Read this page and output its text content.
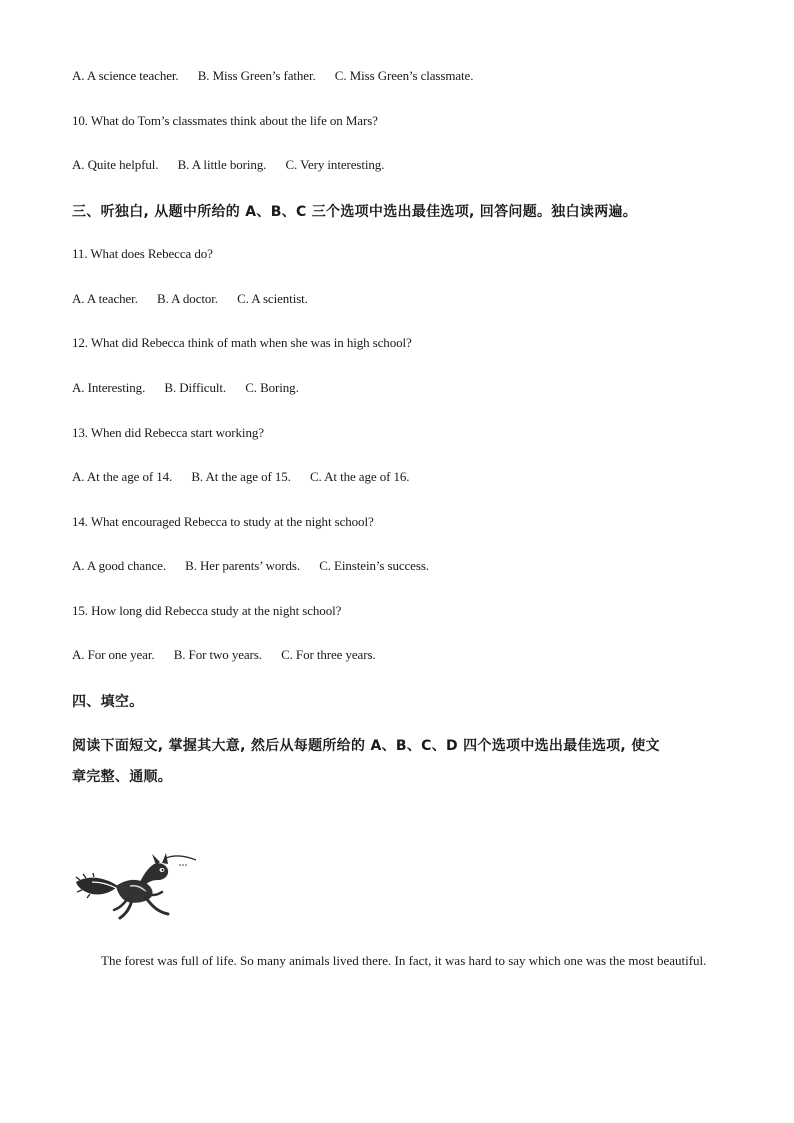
A. A science teacher. B. Miss Green’s father. C. Miss Green’s classmate.
10. What do Tom’s classmates think about the life on Mars?
A. Quite helpful. B. A little boring. C. Very interesting.
三、听独白, 从题中所给的 A、B、C 三个选项中选出最佳选项, 回答问题。独白读两遍。
11. What does Rebecca do?
A. A teacher. B. A doctor. C. A scientist.
12. What did Rebecca think of math when she was in high school?
A. Interesting. B. Difficult. C. Boring.
13. When did Rebecca start working?
A. At the age of 14. B. At the age of 15. C. At the age of 16.
14. What encouraged Rebecca to study at the night school?
A. A good chance. B. Her parents’ words. C. Einstein’s success.
15. How long did Rebecca study at the night school?
A. For one year. B. For two years. C. For three years.
四、填空。
阅读下面短文, 掌握其大意, 然后从每题所给的 A、B、C、D 四个选项中选出最佳选项, 使文
章完整、通顺。
The forest was full of life. So many animals lived there. In fact, it was hard to say which one was the most beautiful.
